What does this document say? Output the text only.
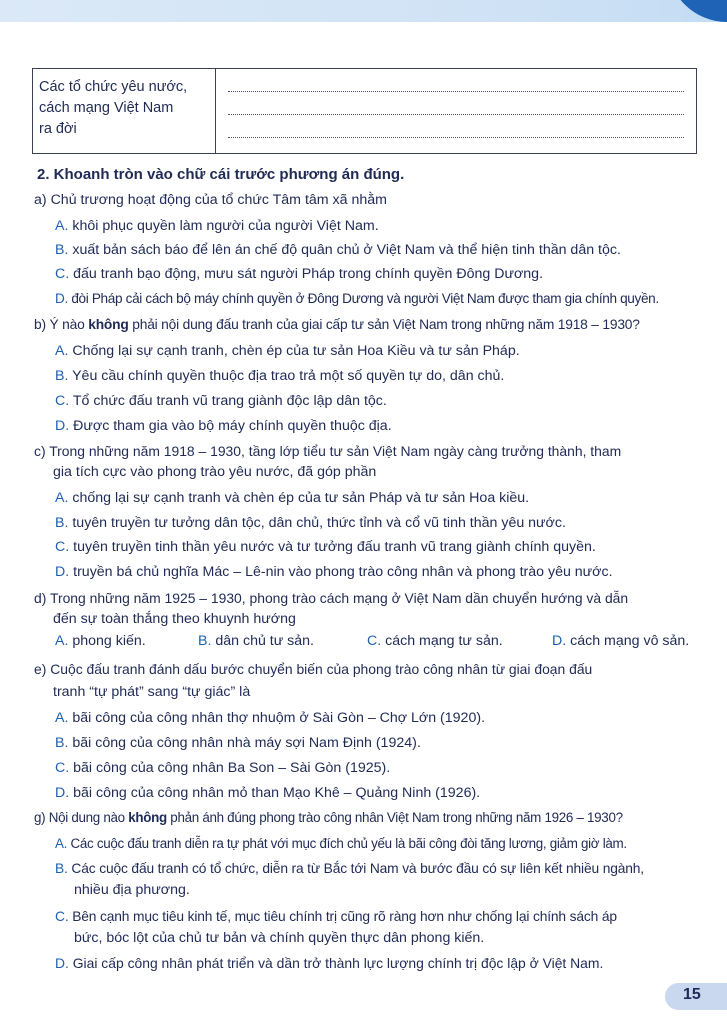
Các tổ chức yêu nước,
cách mạng Việt Nam
ra đời

2. Khoanh tròn vào chữ cái trước phương án đúng.
a) Chủ trương hoạt động của tổ chức Tâm tâm xã nhằm
A. khôi phục quyền làm người của người Việt Nam.
B. xuất bản sách báo để lên án chế độ quân chủ ở Việt Nam và thể hiện tinh thần dân tộc.
C. đấu tranh bạo động, mưu sát người Pháp trong chính quyền Đông Dương.
D. đòi Pháp cải cách bộ máy chính quyền ở Đông Dương và người Việt Nam được tham gia chính quyền.
b) Ý nào không phải nội dung đấu tranh của giai cấp tư sản Việt Nam trong những năm 1918 – 1930?
A. Chống lại sự cạnh tranh, chèn ép của tư sản Hoa Kiều và tư sản Pháp.
B. Yêu cầu chính quyền thuộc địa trao trả một số quyền tự do, dân chủ.
C. Tổ chức đấu tranh vũ trang giành độc lập dân tộc.
D. Được tham gia vào bộ máy chính quyền thuộc địa.
c) Trong những năm 1918 – 1930, tầng lớp tiểu tư sản Việt Nam ngày càng trưởng thành, tham
gia tích cực vào phong trào yêu nước, đã góp phần
A. chống lại sự cạnh tranh và chèn ép của tư sản Pháp và tư sản Hoa kiều.
B. tuyên truyền tư tưởng dân tộc, dân chủ, thức tỉnh và cổ vũ tinh thần yêu nước.
C. tuyên truyền tinh thần yêu nước và tư tưởng đấu tranh vũ trang giành chính quyền.
D. truyền bá chủ nghĩa Mác – Lê-nin vào phong trào công nhân và phong trào yêu nước.
d) Trong những năm 1925 – 1930, phong trào cách mạng ở Việt Nam dần chuyển hướng và dẫn
đến sự toàn thắng theo khuynh hướng
A. phong kiến.	B. dân chủ tư sản.	C. cách mạng tư sản.	D. cách mạng vô sản.
e) Cuộc đấu tranh đánh dấu bước chuyển biến của phong trào công nhân từ giai đoạn đấu
tranh “tự phát” sang “tự giác” là
A. bãi công của công nhân thợ nhuộm ở Sài Gòn – Chợ Lớn (1920).
B. bãi công của công nhân nhà máy sợi Nam Định (1924).
C. bãi công của công nhân Ba Son – Sài Gòn (1925).
D. bãi công của công nhân mỏ than Mạo Khê – Quảng Ninh (1926).
g) Nội dung nào không phản ánh đúng phong trào công nhân Việt Nam trong những năm 1926 – 1930?
A. Các cuộc đấu tranh diễn ra tự phát với mục đích chủ yếu là bãi công đòi tăng lương, giảm giờ làm.
B. Các cuộc đấu tranh có tổ chức, diễn ra từ Bắc tới Nam và bước đầu có sự liên kết nhiều ngành,
nhiều địa phương.
C. Bên cạnh mục tiêu kinh tế, mục tiêu chính trị cũng rõ ràng hơn như chống lại chính sách áp
bức, bóc lột của chủ tư bản và chính quyền thực dân phong kiến.
D. Giai cấp công nhân phát triển và dần trở thành lực lượng chính trị độc lập ở Việt Nam.
15
